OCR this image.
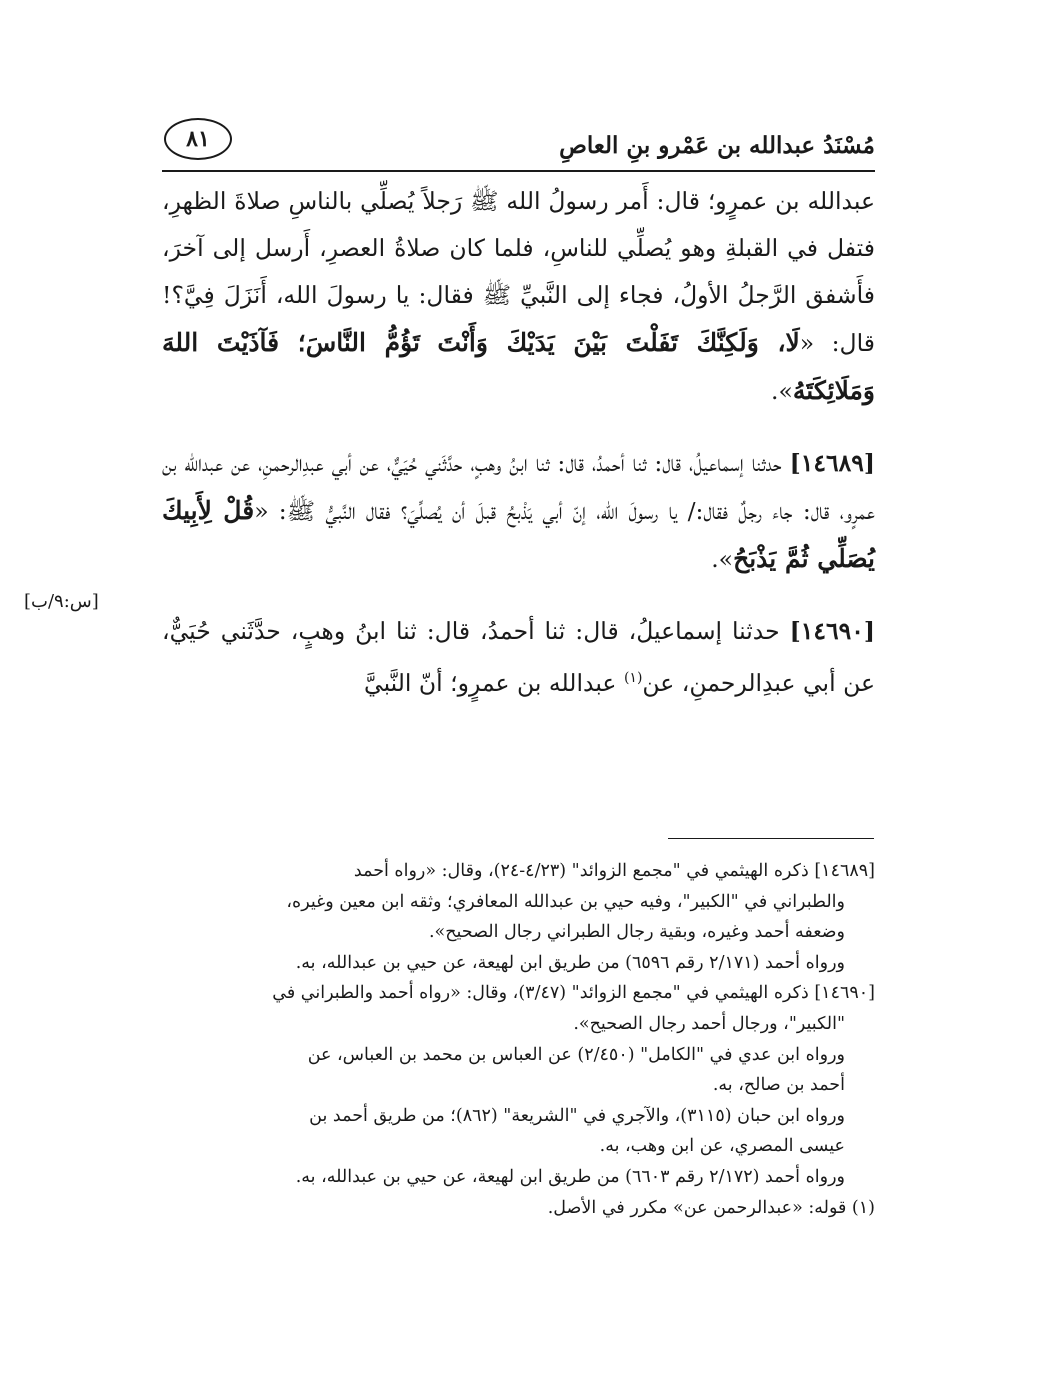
مُسْنَدُ عبدالله بن عَمْرو بنِ العاصِ
٨١

عبدالله بن عمرٍو؛ قال: أَمر رسولُ الله ﷺ رَجلاً يُصلِّي بالناسِ صلاةَ الظهرِ، فتفل في القبلةِ وهو يُصلِّي للناسِ، فلما كان صلاةُ العصرِ، أَرسل إلى آخرَ، فأَشفق الرَّجلُ الأولُ، فجاء إلى النَّبيِّ ﷺ فقال: يا رسولَ الله، أَنَزَلَ فِيَّ؟! قال: «لَا، وَلَكِنَّكَ تَفَلْتَ بَيْنَ يَدَيْكَ وَأَنْتَ تَؤُمُّ النَّاسَ؛ فَآذَيْتَ اللهَ وَمَلَائِكَتَهُ».

[١٤٦٨٩] حدثنا إسماعيلُ، قال: ثنا أحمدُ، قال: ثنا ابنُ وهبٍ، حدَّثَني حُيَيٌّ، عن أبي عبدِالرحمنِ، عن عبدالله بن عمرٍو، قال: جاء رجلٌ فقال:/ يا رسولَ الله، إنّ أبي يَذْبحُ قبلَ أن يُصلِّيَ؟ فقال النَّبيُّ ﷺ: «قُلْ لِأَبِيكَ يُصَلِّي ثُمَّ يَذْبَحُ».

[١٤٦٩٠] حدثنا إسماعيلُ، قال: ثنا أحمدُ، قال: ثنا ابنُ وهبٍ، حدَّثَني حُيَيٌّ، عن أبي عبدِالرحمنِ، عن$^{(١)}$ عبدالله بن عمرٍو؛ أنّ النَّبيَّ

[س:٩/ب]

[١٤٦٨٩] ذكره الهيثمي في "مجمع الزوائد" (٤/٢٣-٢٤)، وقال: «رواه أحمد

والطبراني في "الكبير"، وفيه حيي بن عبدالله المعافري؛ وثقه ابن معين وغيره،

وضعفه أحمد وغيره، وبقية رجال الطبراني رجال الصحيح».

ورواه أحمد (٢/١٧١ رقم ٦٥٩٦) من طريق ابن لهيعة، عن حيي بن عبدالله، به.

[١٤٦٩٠] ذكره الهيثمي في "مجمع الزوائد" (٣/٤٧)، وقال: «رواه أحمد والطبراني في

"الكبير"، ورجال أحمد رجال الصحيح».

ورواه ابن عدي في "الكامل" (٢/٤٥٠) عن العباس بن محمد بن العباس، عن

أحمد بن صالح، به.

ورواه ابن حبان (٣١١٥)، والآجري في "الشريعة" (٨٦٢)؛ من طريق أحمد بن

عيسى المصري، عن ابن وهب، به.

ورواه أحمد (٢/١٧٢ رقم ٦٦٠٣) من طريق ابن لهيعة، عن حيي بن عبدالله، به.

(١) قوله: «عبدالرحمن عن» مكرر في الأصل.
